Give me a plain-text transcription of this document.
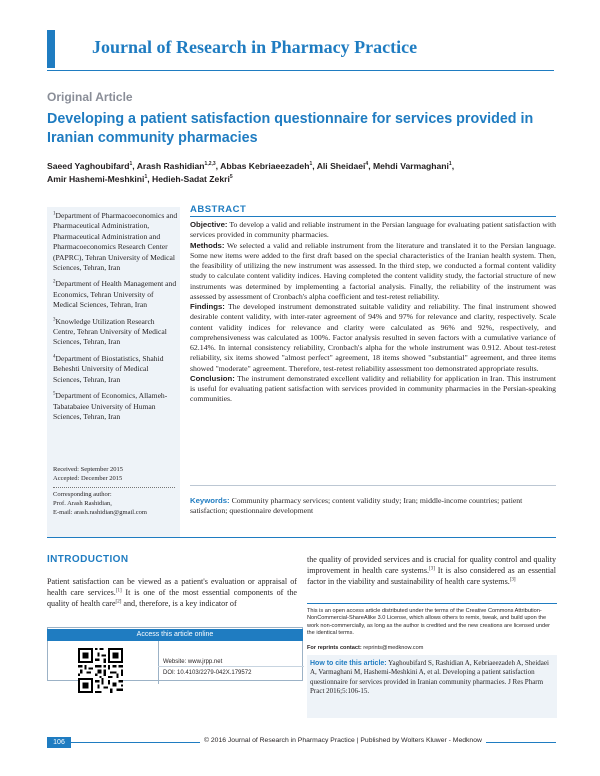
Journal of Research in Pharmacy Practice
Original Article
Developing a patient satisfaction questionnaire for services provided in Iranian community pharmacies
Saeed Yaghoubifard$^1$, Arash Rashidian$^{1,2,3}$, Abbas Kebriaeezadeh$^1$, Ali Sheidaei$^4$, Mehdi Varmaghani$^1$,
Amir Hashemi-Meshkini$^1$, Hedieh-Sadat Zekri$^5$

$^1$Department of Pharmacoeconomics and Pharmaceutical Administration, Pharmaceutical Administration and Pharmacoeconomics Research Center (PAPRC), Tehran University of Medical Sciences, Tehran, Iran

$^2$Department of Health Management and Economics, Tehran University of Medical Sciences, Tehran, Iran

$^3$Knowledge Utilization Research Centre, Tehran University of Medical Sciences, Tehran, Iran

$^4$Department of Biostatistics, Shahid Beheshti University of Medical Sciences, Tehran, Iran

$^5$Department of Economics, Allameh-Tabatabaiee University of Human Sciences, Tehran, Iran

Received: September 2015
Accepted: December 2015
Corresponding author:
Prof. Arash Rashidian,
E-mail: arash.rashidian@gmail.com
ABSTRACT

Objective: To develop a valid and reliable instrument in the Persian language for evaluating patient satisfaction with services provided in community pharmacies.

Methods: We selected a valid and reliable instrument from the literature and translated it to the Persian language. Some new items were added to the first draft based on the special characteristics of the Iranian health system. Then, the feasibility of utilizing the new instrument was assessed. In the third step, we conducted a formal content validity study to calculate content validity indices. Having completed the content validity study, the factorial structure of new instruments was determined by implementing a factorial analysis. Finally, the reliability of the instrument was assessed by assessment of Cronbach's alpha coefficient and test-retest reliability.

Findings: The developed instrument demonstrated suitable validity and reliability. The final instrument showed desirable content validity, with inter-rater agreement of 94% and 97% for relevance and clarity, respectively. Scale content validity indices for relevance and clarity were calculated as 96% and 92%, respectively, and comprehensiveness was calculated as 100%. Factor analysis resulted in seven factors with a cumulative variance of 62.14%. In internal consistency reliability, Cronbach's alpha for the whole instrument was 0.912. About test-retest reliability, six items showed "almost perfect" agreement, 18 items showed "substantial" agreement, and three items showed "moderate" agreement. Therefore, test-retest reliability assessment too demonstrated appropriate results.

Conclusion: The instrument demonstrated excellent validity and reliability for application in Iran. This instrument is useful for evaluating patient satisfaction with services provided in community pharmacies in the Persian-speaking communities.

Keywords: Community pharmacy services; content validity study; Iran; middle-income countries; patient satisfaction; questionnaire development
INTRODUCTION
Patient satisfaction can be viewed as a patient's evaluation or appraisal of health care services.[1] It is one of the most essential components of the quality of health care[2] and, therefore, is a key indicator of
the quality of provided services and is crucial for quality control and quality improvement in health care systems.[3] It is also considered as an essential factor in the viability and sustainability of health care systems.[3]
Access this article online
Website: www.jrpp.net
DOI: 10.4103/2279-042X.179572
This is an open access article distributed under the terms of the Creative Commons Attribution-NonCommercial-ShareAlike 3.0 License, which allows others to remix, tweak, and build upon the work non-commercially, as long as the author is credited and the new creations are licensed under the identical terms.
For reprints contact: reprints@medknow.com
How to cite this article: Yaghoubifard S, Rashidian A, Kebriaeezadeh A, Sheidaei A, Varmaghani M, Hashemi-Meshkini A, et al. Developing a patient satisfaction questionnaire for services provided in Iranian community pharmacies. J Res Pharm Pract 2016;5:106-15.
106	© 2016 Journal of Research in Pharmacy Practice | Published by Wolters Kluwer - Medknow
